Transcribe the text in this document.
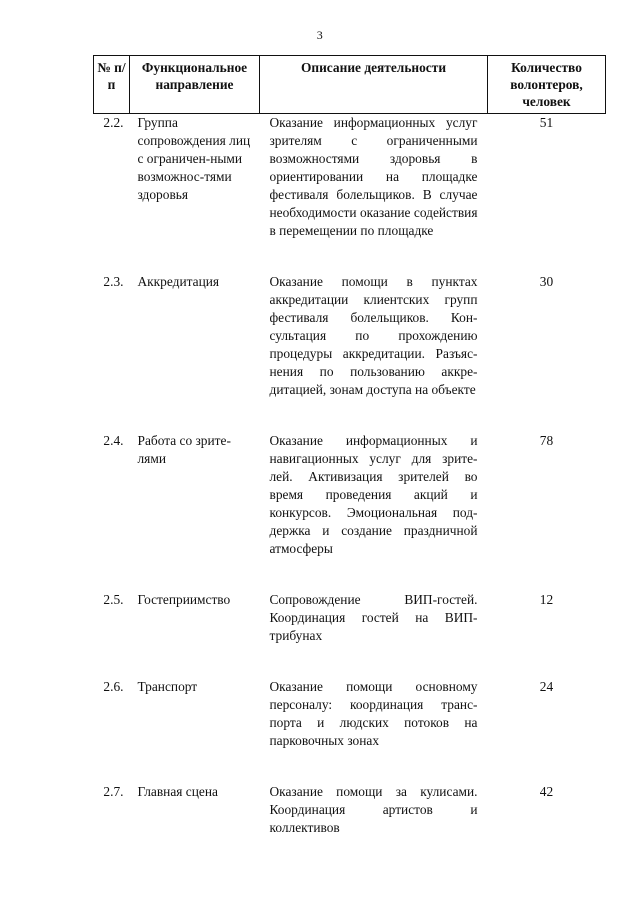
3
№ п/п	Функциональное направление	Описание деятельности	Количество волонтеров, человек
2.2.	Группа сопровождения лиц с ограничен-ными возможнос-тями здоровья	Оказание информационных услуг зрителям с ограниченными возможностями здоровья в ориентировании на площадке фестиваля болельщиков. В случае необходимости оказание содействия в перемещении по площадке	51

2.3.	Аккредитация	Оказание помощи в пунктах аккредитации клиентских групп фестиваля болельщиков. Кон-сультация по прохождению процедуры аккредитации. Разъяс-нения по пользованию аккре-дитацией, зонам доступа на объекте	30

2.4.	Работа со зрите-лями	Оказание информационных и навигационных услуг для зрите-лей. Активизация зрителей во время проведения акций и конкурсов. Эмоциональная под-держка и создание праздничной атмосферы	78

2.5.	Гостеприимство	Сопровождение ВИП-гостей. Координация гостей на ВИП-трибунах	12

2.6.	Транспорт	Оказание помощи основному персоналу: координация транс-порта и людских потоков на парковочных зонах	24

2.7.	Главная сцена	Оказание помощи за кулисами. Координация артистов и коллективов	42
